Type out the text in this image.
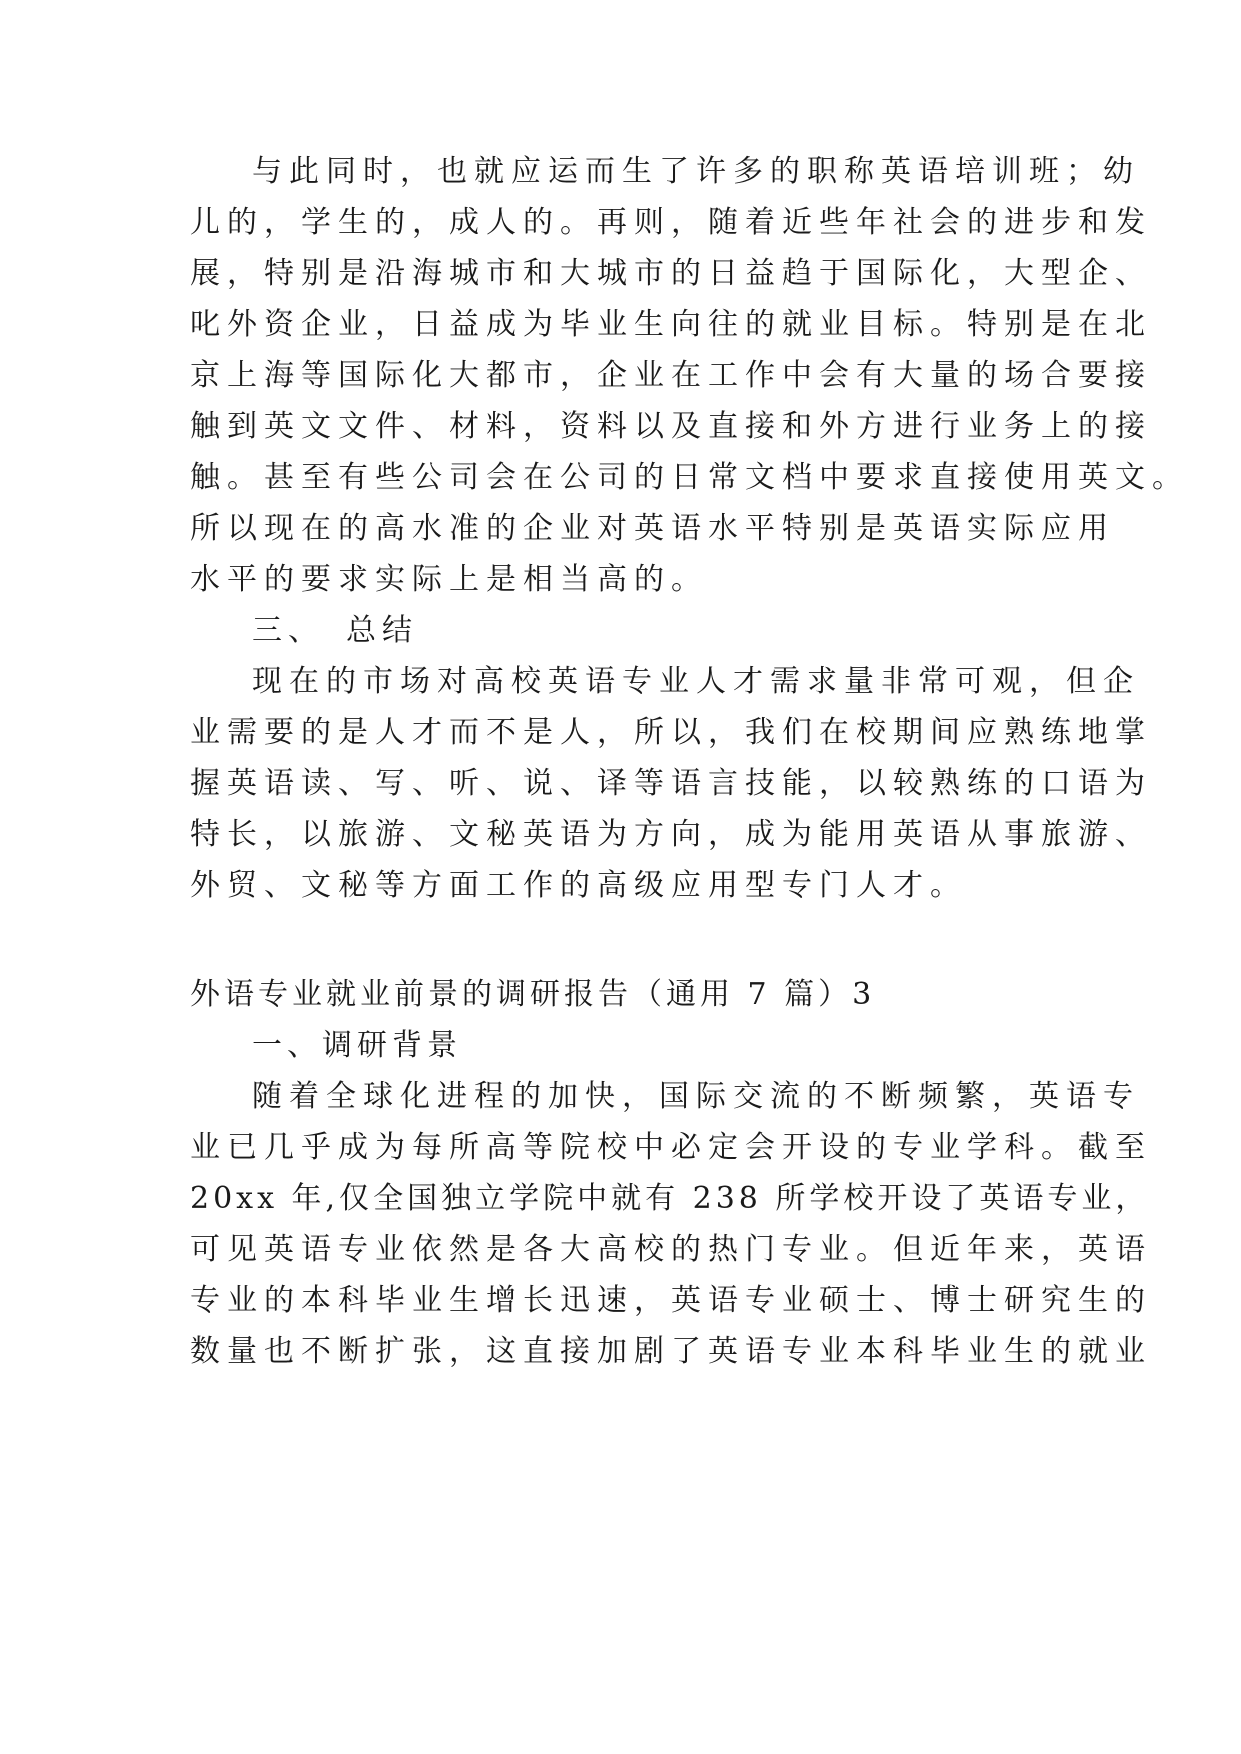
与此同时，也就应运而生了许多的职称英语培训班；幼

儿的，学生的，成人的。再则，随着近些年社会的进步和发

展，特别是沿海城市和大城市的日益趋于国际化，大型企、

叱外资企业，日益成为毕业生向往的就业目标。特别是在北

京上海等国际化大都市，企业在工作中会有大量的场合要接

触到英文文件、材料，资料以及直接和外方进行业务上的接

触。甚至有些公司会在公司的日常文档中要求直接使用英文。

所以现在的高水准的企业对英语水平特别是英语实际应用

水平的要求实际上是相当高的。

三、 总结

现在的市场对高校英语专业人才需求量非常可观，但企

业需要的是人才而不是人，所以，我们在校期间应熟练地掌

握英语读、写、听、说、译等语言技能，以较熟练的口语为

特长，以旅游、文秘英语为方向，成为能用英语从事旅游、

外贸、文秘等方面工作的高级应用型专门人才。

外语专业就业前景的调研报告（通用 7 篇）3

一、调研背景

随着全球化进程的加快，国际交流的不断频繁，英语专

业已几乎成为每所高等院校中必定会开设的专业学科。截至

20xx 年,仅全国独立学院中就有 238 所学校开设了英语专业，

可见英语专业依然是各大高校的热门专业。但近年来，英语

专业的本科毕业生增长迅速，英语专业硕士、博士研究生的

数量也不断扩张，这直接加剧了英语专业本科毕业生的就业
